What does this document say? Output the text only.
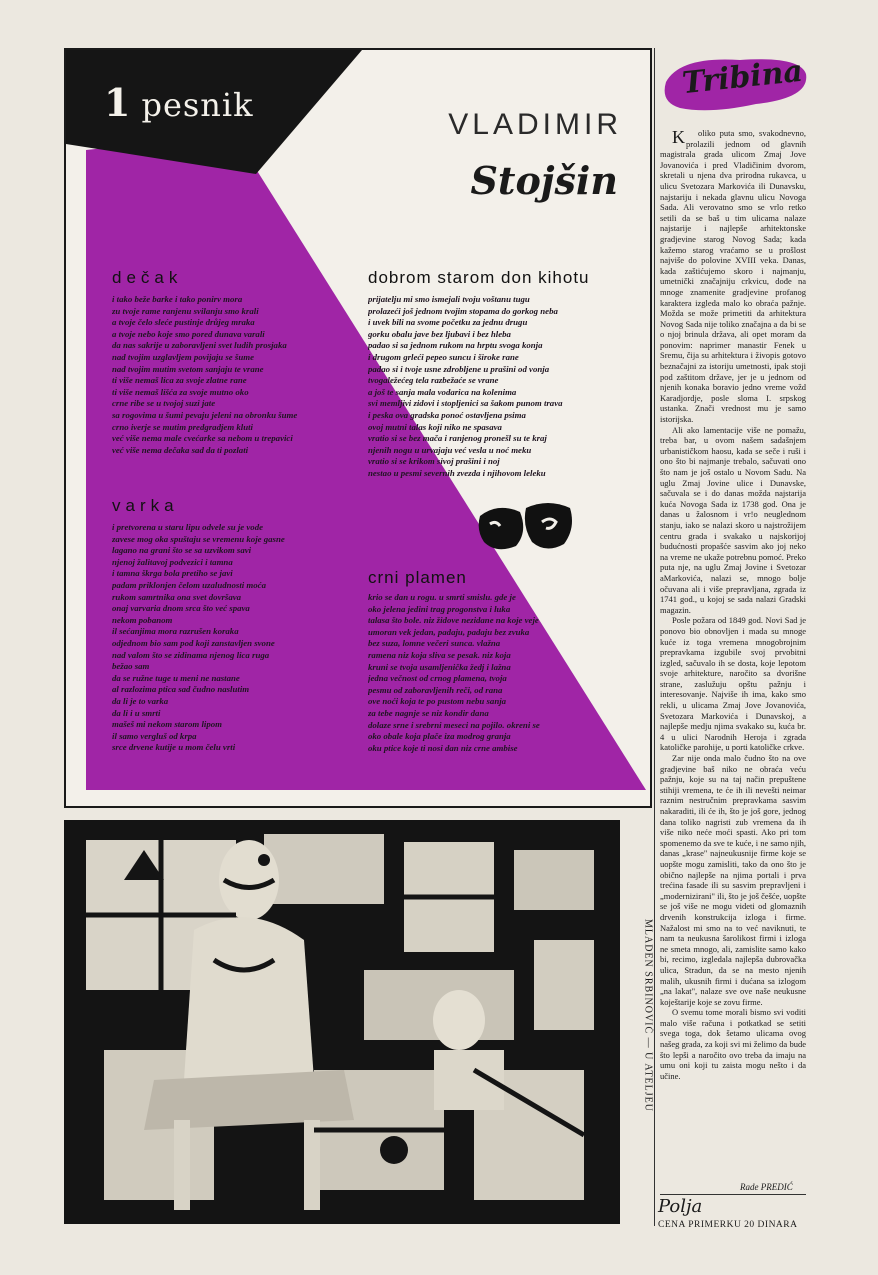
1 pesnik
VLADIMIR
Stojšin
dečak
i tako beže barke i tako ponirv mora
zu tvoje rame ranjenu svilanju smo krali
a tvoje čelo sleće pustinje drůjeg mraka
a tvoje nebo koje smo pored dunava varali
da nas sakrije u zaboravljeni svet ludih prosjaka
nad tvojim uzglavljem povijaju se šume
nad tvojim mutim svetom sanjaju te vrane
ti više nemaš lica za svoje zlatne rane
ti više nemaš lišća za svoje mutno oko
crne ribe se u tvojoj suzi jate
sa rogovima u šumi pevaju jeleni na obronku šume
crno iverje se mutim predgradjem kluti
već više nema male cvećarke sa nebom u trepavici
već više nema dečaka sad da ti pozlati
dobrom starom don kihotu
prijatelju mi smo ismejali tvoju voštanu tugu
prolazeći još jednom tvojim stopama do gorkog neba
i uvek bili na svome početku za jednu drugu
gorku obalu jave bez ljubavi i bez hleba
padao si sa jednom rukom na hrptu svoga konja
i drugom grleći pepeo suncu i široke rane
padao si i tvoje usne zdrobljene u prašini od vonja
tvogaležećeg tela razbežaće se vrane
a još te sanja mala vodarica na kolenima
svi memljivi zidovi i stopljenici sa šakom punom trava
i peska ova gradska ponoć ostavljena psima
ovoj mutni talas koji niko ne spasava
vratio si se bez mača i ranjenog pronešl su te kraj
njenih nogu u urvajaju već vesla u noć meku
vratio si se krikom sivoj prašini i noj
nestao u pesmi severnih zvezda i njihovom leleku
varka
i pretvorena u staru lipu odvele su je vode
zavese mog oka spuštaju se vremenu koje gasne
lagano na grani što se sa uzvikom savi
njenoj žalitavoj podvezici i tamna
i tamna škrga bola pretiho se javi
padam priklonjen čelom uzaludnosti moćа
rukom samrtnika ona svet dovršava
onaj varvaria dnom srca što već spava
nekom pobanom
il sećanjima mora razrušen koraka
odjednom bio sam pod koji zanstavljen svone
nad valom što se zidinama njenog lica ruga
bežao sam
da se ružne tuge u meni ne nastane
al razlozima ptica sad čudno naslutim
da li je to varka
da li i u smrti
mašeš mi nekom starom lipom
il samo vergluš od krpa
srce drvene kutije u mom čelu vrti
crni plamen
krio se dan u rogu. u smrti smislu. gde je
oko jelena jedini trag progonstva i luka
talasa što bole. niz židove nezidane na koje veje
umoran vek jedan, padaju, padaju bez zvuka
bez suza, lomne večeri sunca. vlažna
ramena niz koja sliva se pesak. niz koja
kruni se tvoja usamljenička žedj i lažna
jedna večnost od crnog plamena, tvoja
pesmu od zaboravljenih reči, od rana
ove noći koja te po pustom nebu sanja
za tebe nagnje se niz kondir dana
dolaze srne i srebrni meseci na pojilo. okreni se
oko obale koja plače iza modrog granja
oku ptice koje ti nosi dan niz crne ambise
MLADEN SRBINOVIĆ — U ATELJEU
Tribina

Koliko puta smo, svakodnevno, prolazili jednom od glavnih magistrala grada ulicom Zmaj Jove Jovanovića i pred Vladičinim dvorom, skretali u njena dva prirodna rukavca, u ulicu Svetozara Markovića ili Dunavsku, najstariju i nekada glavnu ulicu Novoga Sada. Ali verovatno smo se vrlo retko setili da se baš u tim ulicama nalaze najstarije i najlepše arhitektonske gradjevine starog Novog Sada; kada kažemo starog vraćamo se u prošlost najviše do polovine XVIII veka. Danas, kada zaštićujemo skoro i najmanju, umetnički značajniju crkvicu, dođe na mnoge znamenite gradjevine profanog karaktera izgleda malo ko obraća pažnje. Možda se može primetiti da arhitektura Novog Sada nije toliko značajna a da bi se o njoj brinula država, ali opet moram da ponovim: naprimer manastir Fenek u Sremu, čija su arhitektura i živopis gotovo beznačajni za istoriju umetnosti, ipak stoji pod zaštitom države, jer je u jednom od njenih konaka boravio jedno vreme vožd Karadjordje, posle sloma I. srpskog ustanka. Znači vrednost mu je samo istorijska.

Ali ako lamentacije više ne pomažu, treba bar, u ovom našem sadašnjem urbanističkom haosu, kada se seče i ruši i ono što bi najmanje trebalo, sačuvati ono što nam je još ostalo u Novom Sadu. Na uglu Zmaj Jovine ulice i Dunavske, sačuvala se i do danas možda najstarija kuća Novoga Sada iz 1738 god. Ona je danas u žalosnom i vr!o neuglednom stanju, iako se nalazi skoro u najstrožijem centru grada i svakako u najskorijoj budućnosti propašće sasvim ako joj neko na vreme ne ukaže potrebnu pomoć. Preko puta nje, na uglu Zmaj Jovine i Svetozar aMarkovića, nalazi se, mnogo bolje očuvana ali i više prepravljana, zgrada iz 1741 god., u kojoj se sada nalazi Gradski magazin.

Posle požara od 1849 god. Novi Sad je ponovo bio obnovljen i mada su mnoge kuće iz toga vremena mnogobrojnim prepravkama izgubile svoj prvobitni izgled, sačuvalo ih se dosta, koje lepotom svoje arhitekture, naročito sa dvorišne strane, zaslužuju opštu pažnju i interesovanje. Najviše ih ima, kako smo rekli, u ulicama Zmaj Jove Jovanovića, Svetozara Markovića i Dunavskoj, a najlepše medju njima svakako su, kuća br. 4 u ulici Narodnih Heroja i zgrada katoličke parohije, u porti katoličke crkve.

Zar nije onda malo čudno što na ove gradjevine baš niko ne obraća veću pažnju, koje su na taj način prepuštene stihiji vremena, te će ih ili nevešti neimar raznim nestručnim prepravkama sasvim nakaraditi, ili će ih, što je još gore, jednog dana toliko nagristi zub vremena da ih više niko neće moći spasti. Ako pri tom spomenemo da sve te kuće, i ne samo njih, danas „krase" najneukusnije firme koje se uopšte mogu zamisliti, tako da ono što je obično najlepše na njima portali i prva trećina fasade ili su sasvim prepravljeni i „modernizirani" ili, što je još češće, uopšte se još više ne mogu videti od glomaznih drvenih konstrukcija izloga i firme. Nažalost mi smo na to već naviknuti, te nam ta neukusna šarolikost firmi i izloga ne smeta mnogo, ali, zamislite samo kako bi, recimo, izgledala najlepša dubrovačka ulica, Stradun, da se na mesto njenih malih, ukusnih firmi i dućana sa izlogom „na lakat", nalaze sve ove naše neukusne koještarije koje se zovu firme.

O svemu tome morali bismo svi voditi malo više računa i potkatkad se setiti svega toga, dok šetamo ulicama ovog našeg grada, za koji svi mi želimo da bude što lepši a naročito ovo treba da imaju na umu oni koji tu zaista mogu nešto i da učine.

Rade PREDIĆ
Polja
CENA PRIMERKU 20 DINARA
